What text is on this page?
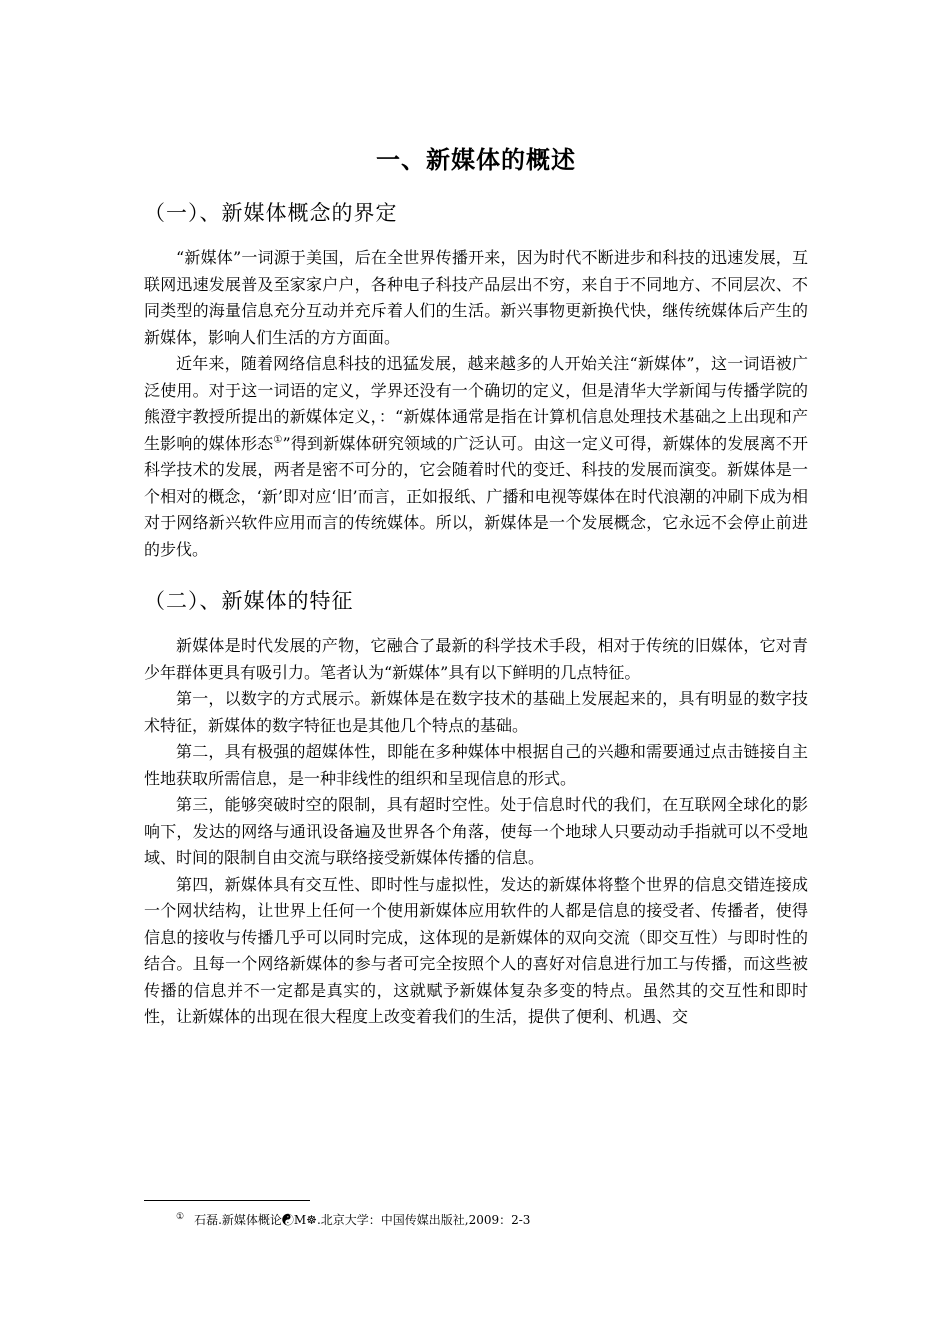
一、新媒体的概述
（一）、新媒体概念的界定

“新媒体”一词源于美国，后在全世界传播开来，因为时代不断进步和科技的迅速发展，互联网迅速发展普及至家家户户，各种电子科技产品层出不穷，来自于不同地方、不同层次、不同类型的海量信息充分互动并充斥着人们的生活。新兴事物更新换代快，继传统媒体后产生的新媒体，影响人们生活的方方面面。

近年来，随着网络信息科技的迅猛发展，越来越多的人开始关注“新媒体”，这一词语被广泛使用。对于这一词语的定义，学界还没有一个确切的定义，但是清华大学新闻与传播学院的熊澄宇教授所提出的新媒体定义，：“新媒体通常是指在计算机信息处理技术基础之上出现和产生影响的媒体形态①”得到新媒体研究领域的广泛认可。由这一定义可得，新媒体的发展离不开科学技术的发展，两者是密不可分的，它会随着时代的变迁、科技的发展而演变。新媒体是一个相对的概念，‘新’即对应‘旧’而言，正如报纸、广播和电视等媒体在时代浪潮的冲刷下成为相对于网络新兴软件应用而言的传统媒体。所以，新媒体是一个发展概念，它永远不会停止前进的步伐。

（二）、新媒体的特征

新媒体是时代发展的产物，它融合了最新的科学技术手段，相对于传统的旧媒体，它对青少年群体更具有吸引力。笔者认为“新媒体”具有以下鲜明的几点特征。

第一，以数字的方式展示。新媒体是在数字技术的基础上发展起来的，具有明显的数字技术特征，新媒体的数字特征也是其他几个特点的基础。

第二，具有极强的超媒体性，即能在多种媒体中根据自己的兴趣和需要通过点击链接自主性地获取所需信息，是一种非线性的组织和呈现信息的形式。

第三，能够突破时空的限制，具有超时空性。处于信息时代的我们，在互联网全球化的影响下，发达的网络与通讯设备遍及世界各个角落，使每一个地球人只要动动手指就可以不受地域、时间的限制自由交流与联络接受新媒体传播的信息。

第四，新媒体具有交互性、即时性与虚拟性，发达的新媒体将整个世界的信息交错连接成一个网状结构，让世界上任何一个使用新媒体应用软件的人都是信息的接受者、传播者，使得信息的接收与传播几乎可以同时完成，这体现的是新媒体的双向交流（即交互性）与即时性的结合。且每一个网络新媒体的参与者可完全按照个人的喜好对信息进行加工与传播，而这些被传播的信息并不一定都是真实的，这就赋予新媒体复杂多变的特点。虽然其的交互性和即时性，让新媒体的出现在很大程度上改变着我们的生活，提供了便利、机遇、交

① 石磊.新媒体概论☯M☸.北京大学：中国传媒出版社,2009：2-3
